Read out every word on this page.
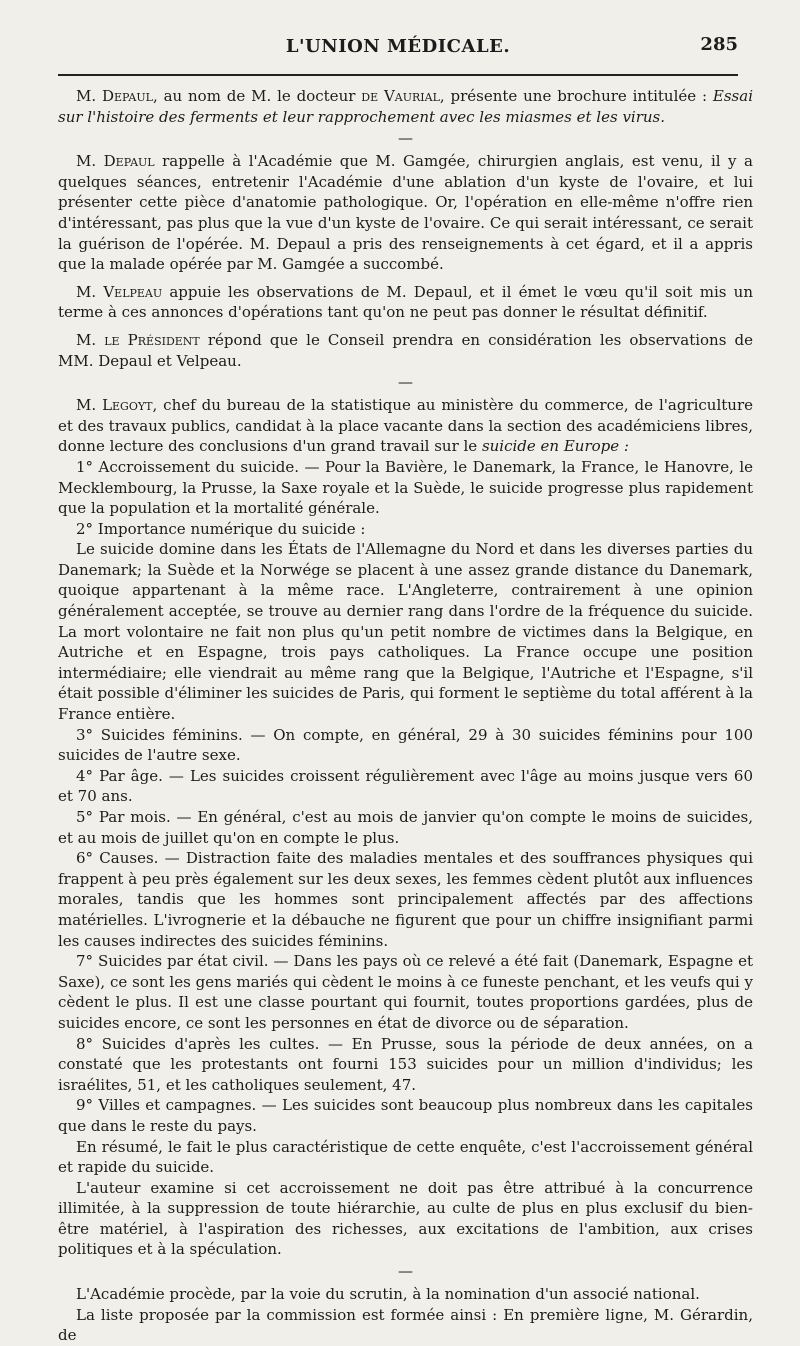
L'UNION MÉDICALE.	285

M. Depaul, au nom de M. le docteur de Vaurial, présente une brochure intitulée : Essai sur l'histoire des ferments et leur rapprochement avec les miasmes et les virus.

—

M. Depaul rappelle à l'Académie que M. Gamgée, chirurgien anglais, est venu, il y a quelques séances, entretenir l'Académie d'une ablation d'un kyste de l'ovaire, et lui présenter cette pièce d'anatomie pathologique. Or, l'opération en elle-même n'offre rien d'intéressant, pas plus que la vue d'un kyste de l'ovaire. Ce qui serait intéressant, ce serait la guérison de l'opérée. M. Depaul a pris des renseignements à cet égard, et il a appris que la malade opérée par M. Gamgée a succombé.

M. Velpeau appuie les observations de M. Depaul, et il émet le vœu qu'il soit mis un terme à ces annonces d'opérations tant qu'on ne peut pas donner le résultat définitif.

M. le Président répond que le Conseil prendra en considération les observations de MM. Depaul et Velpeau.

—

M. Legoyt, chef du bureau de la statistique au ministère du commerce, de l'agriculture et des travaux publics, candidat à la place vacante dans la section des académiciens libres, donne lecture des conclusions d'un grand travail sur le suicide en Europe :

1° Accroissement du suicide. — Pour la Bavière, le Danemark, la France, le Hanovre, le Mecklembourg, la Prusse, la Saxe royale et la Suède, le suicide progresse plus rapidement que la population et la mortalité générale.

2° Importance numérique du suicide :

Le suicide domine dans les États de l'Allemagne du Nord et dans les diverses parties du Danemark; la Suède et la Norwége se placent à une assez grande distance du Danemark, quoique appartenant à la même race. L'Angleterre, contrairement à une opinion généralement acceptée, se trouve au dernier rang dans l'ordre de la fréquence du suicide. La mort volontaire ne fait non plus qu'un petit nombre de victimes dans la Belgique, en Autriche et en Espagne, trois pays catholiques. La France occupe une position intermédiaire; elle viendrait au même rang que la Belgique, l'Autriche et l'Espagne, s'il était possible d'éliminer les suicides de Paris, qui forment le septième du total afférent à la France entière.

3° Suicides féminins. — On compte, en général, 29 à 30 suicides féminins pour 100 suicides de l'autre sexe.

4° Par âge. — Les suicides croissent régulièrement avec l'âge au moins jusque vers 60 et 70 ans.

5° Par mois. — En général, c'est au mois de janvier qu'on compte le moins de suicides, et au mois de juillet qu'on en compte le plus.

6° Causes. — Distraction faite des maladies mentales et des souffrances physiques qui frappent à peu près également sur les deux sexes, les femmes cèdent plutôt aux influences morales, tandis que les hommes sont principalement affectés par des affections matérielles. L'ivrognerie et la débauche ne figurent que pour un chiffre insignifiant parmi les causes indirectes des suicides féminins.

7° Suicides par état civil. — Dans les pays où ce relevé a été fait (Danemark, Espagne et Saxe), ce sont les gens mariés qui cèdent le moins à ce funeste penchant, et les veufs qui y cèdent le plus. Il est une classe pourtant qui fournit, toutes proportions gardées, plus de suicides encore, ce sont les personnes en état de divorce ou de séparation.

8° Suicides d'après les cultes. — En Prusse, sous la période de deux années, on a constaté que les protestants ont fourni 153 suicides pour un million d'individus; les israélites, 51, et les catholiques seulement, 47.

9° Villes et campagnes. — Les suicides sont beaucoup plus nombreux dans les capitales que dans le reste du pays.

En résumé, le fait le plus caractéristique de cette enquête, c'est l'accroissement général et rapide du suicide.

L'auteur examine si cet accroissement ne doit pas être attribué à la concurrence illimitée, à la suppression de toute hiérarchie, au culte de plus en plus exclusif du bien-être matériel, à l'aspiration des richesses, aux excitations de l'ambition, aux crises politiques et à la spéculation.

—

L'Académie procède, par la voie du scrutin, à la nomination d'un associé national.

La liste proposée par la commission est formée ainsi : En première ligne, M. Gérardin, de
